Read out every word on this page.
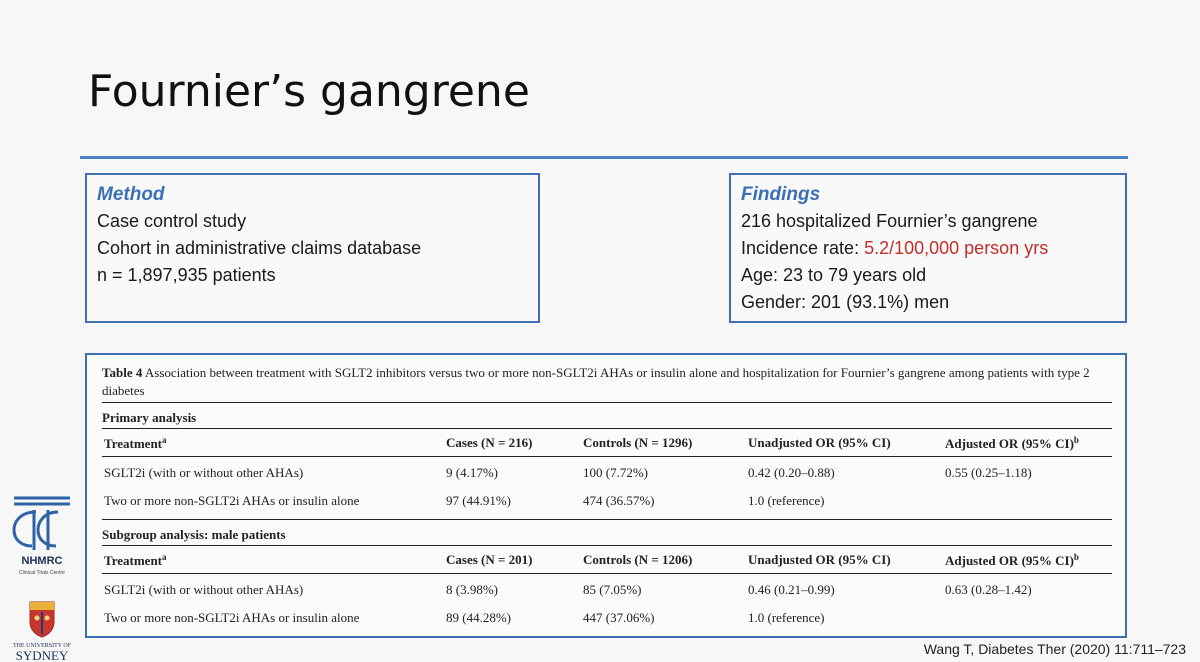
Fournier’s gangrene
Method
Case control study
Cohort in administrative claims database
n = 1,897,935 patients
Findings
216 hospitalized Fournier’s gangrene
Incidence rate: 5.2/100,000 person yrs
Age: 23 to 79 years old
Gender: 201 (93.1%) men
Table 4 Association between treatment with SGLT2 inhibitors versus two or more non-SGLT2i AHAs or insulin alone and hospitalization for Fournier’s gangrene among patients with type 2 diabetes
Primary analysis
Treatment$^a$	Cases (N = 216)	Controls (N = 1296)	Unadjusted OR (95% CI)	Adjusted OR (95% CI)$^b$
SGLT2i (with or without other AHAs)	9 (4.17%)	100 (7.72%)	0.42 (0.20–0.88)	0.55 (0.25–1.18)
Two or more non-SGLT2i AHAs or insulin alone	97 (44.91%)	474 (36.57%)	1.0 (reference)
Subgroup analysis: male patients
Treatment$^a$	Cases (N = 201)	Controls (N = 1206)	Unadjusted OR (95% CI)	Adjusted OR (95% CI)$^b$
SGLT2i (with or without other AHAs)	8 (3.98%)	85 (7.05%)	0.46 (0.21–0.99)	0.63 (0.28–1.42)
Two or more non-SGLT2i AHAs or insulin alone	89 (44.28%)	447 (37.06%)	1.0 (reference)
NHMRC
Clinical Trials Centre
THE UNIVERSITY OF
SYDNEY	Wang T, Diabetes Ther (2020) 11:711–723
